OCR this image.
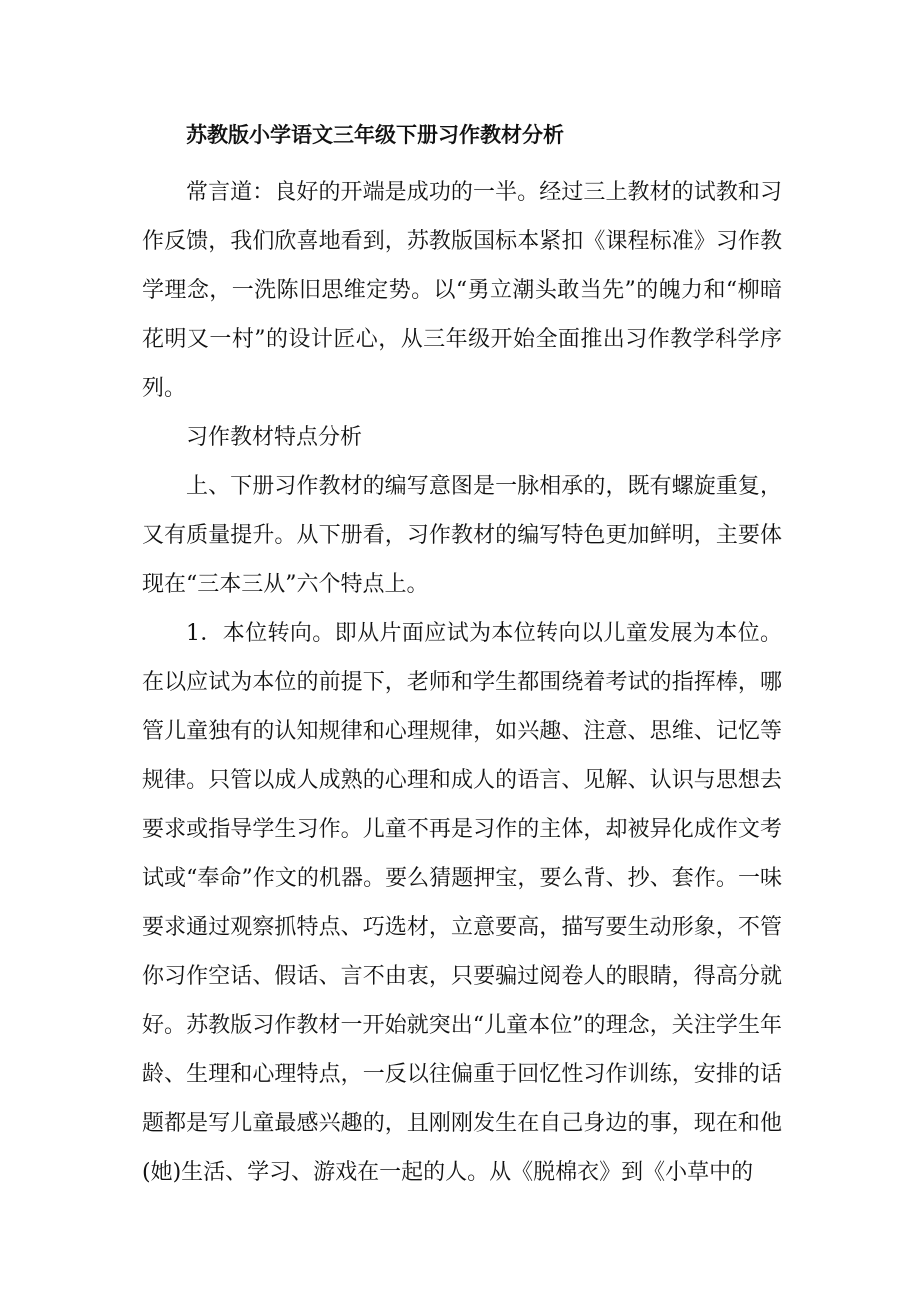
苏教版小学语文三年级下册习作教材分析

常言道：良好的开端是成功的一半。经过三上教材的试教和习作反馈，我们欣喜地看到，苏教版国标本紧扣《课程标准》习作教学理念，一洗陈旧思维定势。以“勇立潮头敢当先”的魄力和“柳暗花明又一村”的设计匠心，从三年级开始全面推出习作教学科学序列。

习作教材特点分析

上、下册习作教材的编写意图是一脉相承的，既有螺旋重复，又有质量提升。从下册看，习作教材的编写特色更加鲜明，主要体现在“三本三从”六个特点上。

1．本位转向。即从片面应试为本位转向以儿童发展为本位。在以应试为本位的前提下，老师和学生都围绕着考试的指挥棒，哪管儿童独有的认知规律和心理规律，如兴趣、注意、思维、记忆等规律。只管以成人成熟的心理和成人的语言、见解、认识与思想去要求或指导学生习作。儿童不再是习作的主体，却被异化成作文考试或“奉命”作文的机器。要么猜题押宝，要么背、抄、套作。一味要求通过观察抓特点、巧选材，立意要高，描写要生动形象，不管你习作空话、假话、言不由衷，只要骗过阅卷人的眼睛，得高分就好。苏教版习作教材一开始就突出“儿童本位”的理念，关注学生年龄、生理和心理特点，一反以往偏重于回忆性习作训练，安排的话题都是写儿童最感兴趣的，且刚刚发生在自己身边的事，现在和他(她)生活、学习、游戏在一起的人。从《脱棉衣》到《小草中的
